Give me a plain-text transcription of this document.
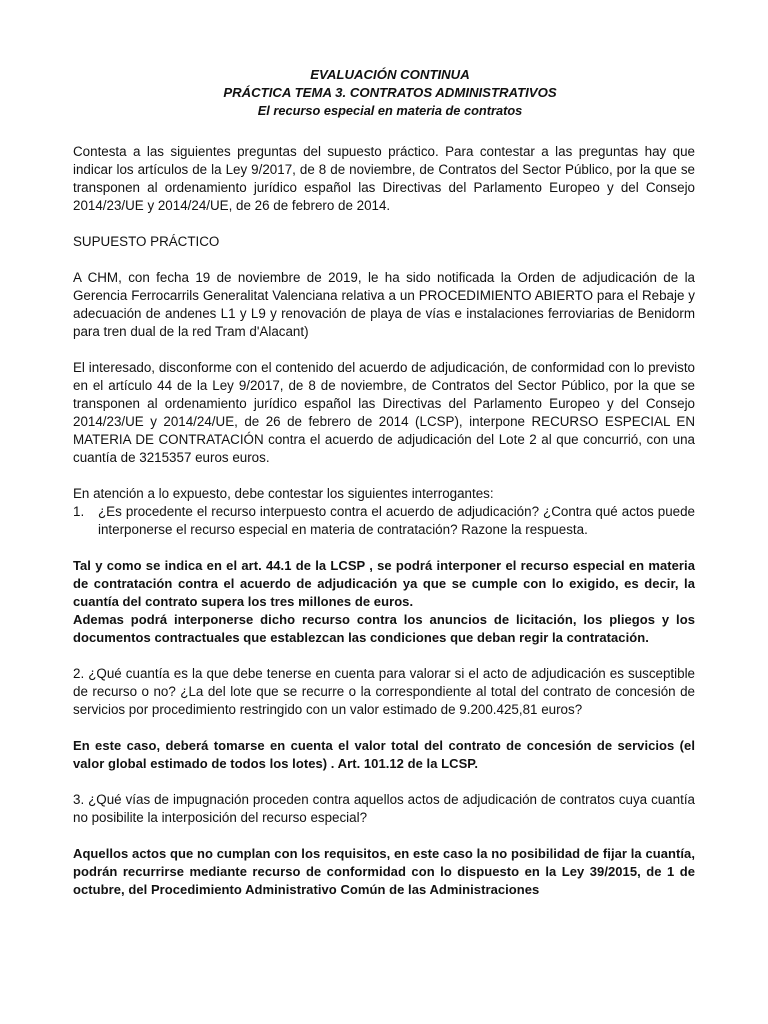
EVALUACIÓN CONTINUA
PRÁCTICA TEMA 3. CONTRATOS ADMINISTRATIVOS
El recurso especial en materia de contratos

Contesta a las siguientes preguntas del supuesto práctico. Para contestar a las preguntas hay que indicar los artículos de la Ley 9/2017, de 8 de noviembre, de Contratos del Sector Público, por la que se transponen al ordenamiento jurídico español las Directivas del Parlamento Europeo y del Consejo 2014/23/UE y 2014/24/UE, de 26 de febrero de 2014.

SUPUESTO PRÁCTICO

A CHM, con fecha 19 de noviembre de 2019, le ha sido notificada la Orden de adjudicación de la Gerencia Ferrocarrils Generalitat Valenciana relativa a un PROCEDIMIENTO ABIERTO para el Rebaje y adecuación de andenes L1 y L9 y renovación de playa de vías e instalaciones ferroviarias de Benidorm para tren dual de la red Tram d'Alacant)

El interesado, disconforme con el contenido del acuerdo de adjudicación, de conformidad con lo previsto en el artículo 44 de la Ley 9/2017, de 8 de noviembre, de Contratos del Sector Público, por la que se transponen al ordenamiento jurídico español las Directivas del Parlamento Europeo y del Consejo 2014/23/UE y 2014/24/UE, de 26 de febrero de 2014 (LCSP), interpone RECURSO ESPECIAL EN MATERIA DE CONTRATACIÓN contra el acuerdo de adjudicación del Lote 2 al que concurrió, con una cuantía de 3215357 euros euros.

En atención a lo expuesto, debe contestar los siguientes interrogantes:

1.	¿Es procedente el recurso interpuesto contra el acuerdo de adjudicación? ¿Contra qué actos puede interponerse el recurso especial en materia de contratación? Razone la respuesta.

Tal y como se indica en el art. 44.1 de la LCSP , se podrá interponer el recurso especial en materia de contratación contra el acuerdo de adjudicación ya que se cumple con lo exigido, es decir, la cuantía del contrato supera los tres millones de euros.

Ademas podrá interponerse dicho recurso contra los anuncios de licitación, los pliegos y los documentos contractuales que establezcan las condiciones que deban regir la contratación.

2. ¿Qué cuantía es la que debe tenerse en cuenta para valorar si el acto de adjudicación es susceptible de recurso o no? ¿La del lote que se recurre o la correspondiente al total del contrato de concesión de servicios por procedimiento restringido con un valor estimado de 9.200.425,81 euros?

En este caso, deberá tomarse en cuenta el valor total del contrato de concesión de servicios (el valor global estimado de todos los lotes) . Art. 101.12 de la LCSP.

3. ¿Qué vías de impugnación proceden contra aquellos actos de adjudicación de contratos cuya cuantía no posibilite la interposición del recurso especial?

Aquellos actos que no cumplan con los requisitos, en este caso la no posibilidad de fijar la cuantía, podrán recurrirse mediante recurso de conformidad con lo dispuesto en la Ley 39/2015, de 1 de octubre, del Procedimiento Administrativo Común de las Administraciones
